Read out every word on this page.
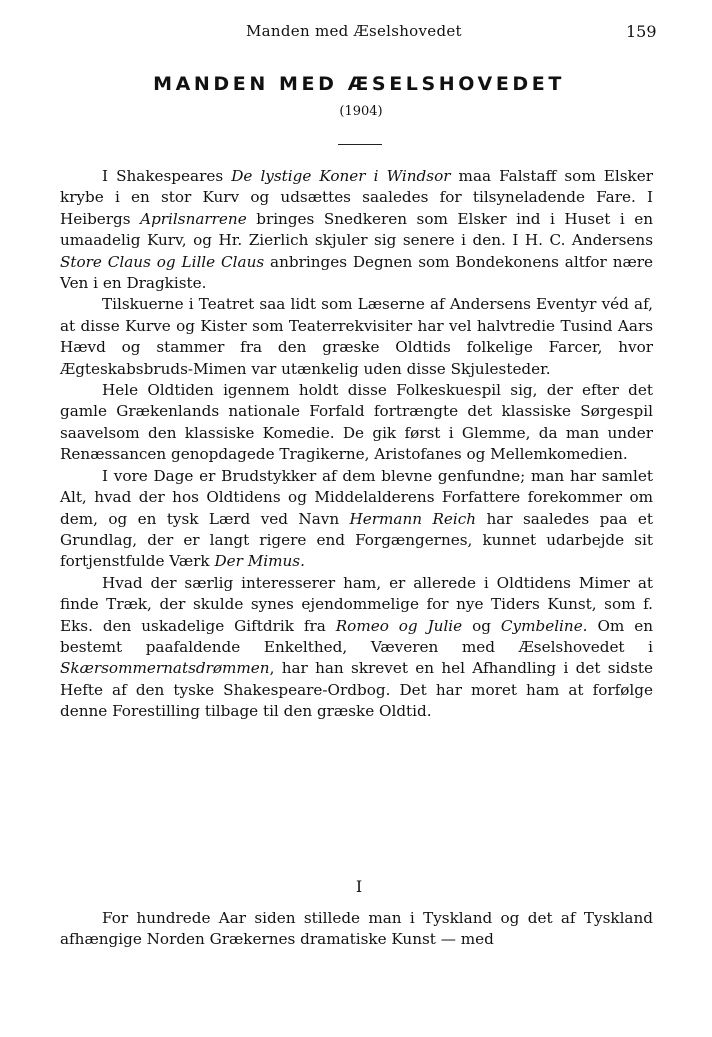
Manden med Æselshovedet	159
MANDEN MED ÆSELSHOVEDET
(1904)

I Shakespeares De lystige Koner i Windsor maa Falstaff som Elsker krybe i en stor Kurv og udsættes saaledes for tilsyneladende Fare. I Heibergs Aprilsnarrene bringes Snedkeren som Elsker ind i Huset i en umaadelig Kurv, og Hr. Zierlich skjuler sig senere i den. I H. C. Andersens Store Claus og Lille Claus anbringes Degnen som Bondekonens altfor nære Ven i en Dragkiste.

Tilskuerne i Teatret saa lidt som Læserne af Andersens Eventyr véd af, at disse Kurve og Kister som Teaterrekvisiter har vel halvtredie Tusind Aars Hævd og stammer fra den græske Oldtids folkelige Farcer, hvor Ægteskabsbruds-Mimen var utænkelig uden disse Skjulesteder.

Hele Oldtiden igennem holdt disse Folkeskuespil sig, der efter det gamle Grækenlands nationale Forfald fortrængte det klassiske Sørgespil saavelsom den klassiske Komedie. De gik først i Glemme, da man under Renæssancen genopdagede Tragikerne, Aristofanes og Mellemkomedien.

I vore Dage er Brudstykker af dem blevne genfundne; man har samlet Alt, hvad der hos Oldtidens og Middelalderens Forfattere forekommer om dem, og en tysk Lærd ved Navn Hermann Reich har saaledes paa et Grundlag, der er langt rigere end Forgængernes, kunnet udarbejde sit fortjenstfulde Værk Der Mimus.

Hvad der særlig interesserer ham, er allerede i Oldtidens Mimer at finde Træk, der skulde synes ejendommelige for nye Tiders Kunst, som f. Eks. den uskadelige Giftdrik fra Romeo og Julie og Cymbeline. Om en bestemt paafaldende Enkelthed, Væveren med Æselshovedet i Skærsommernatsdrømmen, har han skrevet en hel Afhandling i det sidste Hefte af den tyske Shakespeare-Ordbog. Det har moret ham at forfølge denne Forestilling tilbage til den græske Oldtid.

I

For hundrede Aar siden stillede man i Tyskland og det af Tyskland afhængige Norden Grækernes dramatiske Kunst — med
